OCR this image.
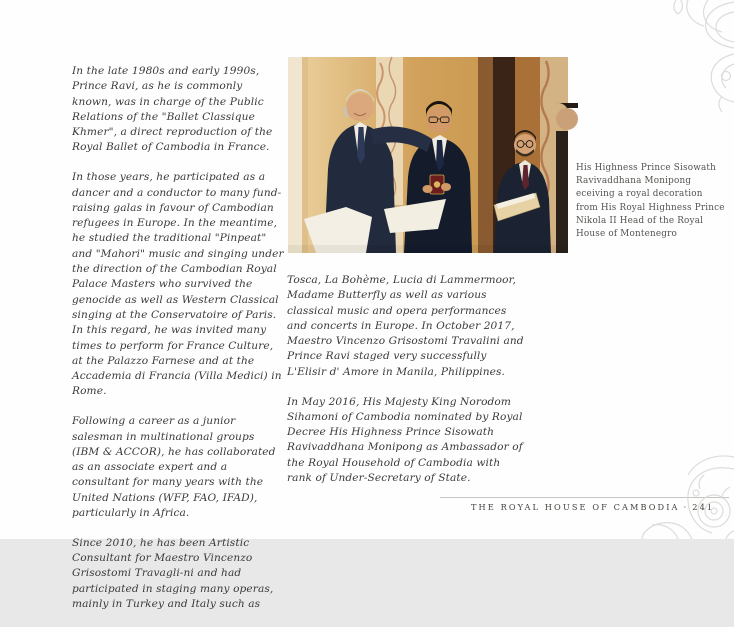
In the late 1980s and early 1990s, Prince Ravi, as he is commonly known, was in charge of the Public Relations of the "Ballet Classique Khmer", a direct reproduction of the Royal Ballet of Cambodia in France.

In those years, he participated as a dancer and a conductor to many fund-raising galas in favour of Cambodian refugees in Europe. In the meantime, he studied the traditional "Pinpeat" and "Mahori" music and singing under the direction of the Cambodian Royal Palace Masters who survived the genocide as well as Western Classical singing at the Conservatoire of Paris. In this regard, he was invited many times to perform for France Culture, at the Palazzo Farnese and at the Accademia di Francia (Villa Medici) in Rome.

Following a career as a junior salesman in multinational groups (IBM & ACCOR), he has collaborated as an associate expert and a consultant for many years with the United Nations (WFP, FAO, IFAD), particularly in Africa.

Since 2010, he has been Artistic Consultant for Maestro Vincenzo Grisostomi Travagli-ni and had participated in staging many operas, mainly in Turkey and Italy such as

His Highness Prince Sisowath
Ravivaddhana Monipong
eceiving a royal decoration
from His Royal Highness Prince
Nikola II Head of the Royal
House of Montenegro

Tosca, La Bohème, Lucia di Lammermoor, Madame Butterfly as well as various classical music and opera performances and concerts in Europe. In October 2017, Maestro Vincenzo Grisostomi Travalini and Prince Ravi staged very successfully L'Elisir d' Amore in Manila, Philippines.

In May 2016, His Majesty King Norodom Sihamoni of Cambodia nominated by Royal Decree His Highness Prince Sisowath Ravivaddhana Monipong as Ambassador of the Royal Household of Cambodia with rank of Under-Secretary of State.

THE ROYAL HOUSE OF CAMBODIA · 241
